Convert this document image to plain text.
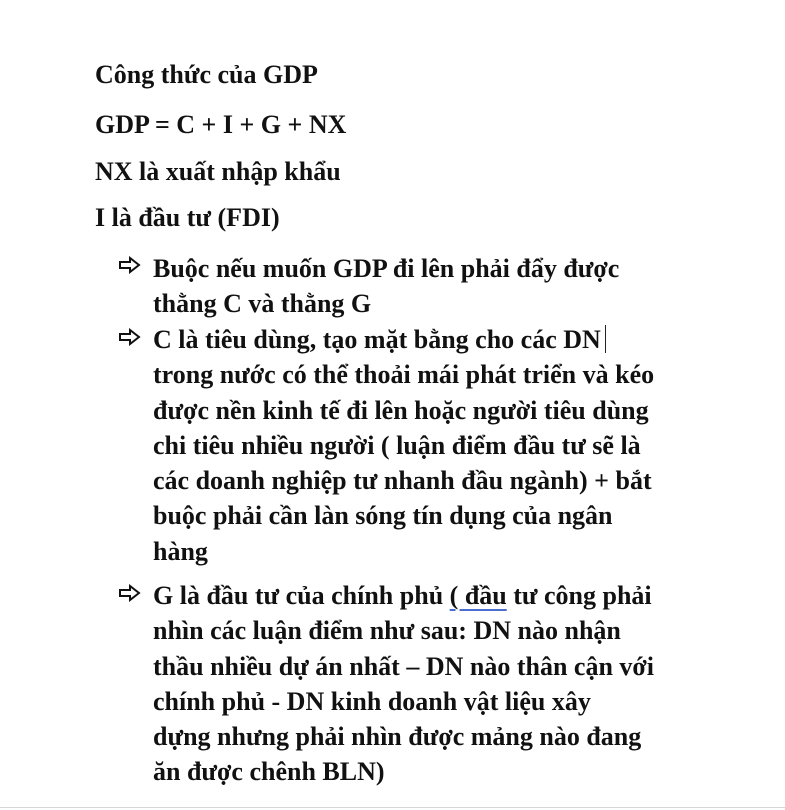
Công thức của GDP
GDP = C + I + G + NX
NX là xuất nhập khẩu
I là đầu tư (FDI)
Buộc nếu muốn GDP đi lên phải đẩy được
thằng C và thằng G
C là tiêu dùng, tạo mặt bằng cho các DN
trong nước có thể thoải mái phát triển và kéo
được nền kinh tế đi lên hoặc người tiêu dùng
chi tiêu nhiều người ( luận điểm đầu tư sẽ là
các doanh nghiệp tư nhanh đầu ngành) + bắt
buộc phải cần làn sóng tín dụng của ngân
hàng
G là đầu tư của chính phủ ( đầu tư công phải
nhìn các luận điểm như sau: DN nào nhận
thầu nhiều dự án nhất – DN nào thân cận với
chính phủ - DN kinh doanh vật liệu xây
dựng nhưng phải nhìn được mảng nào đang
ăn được chênh BLN)
